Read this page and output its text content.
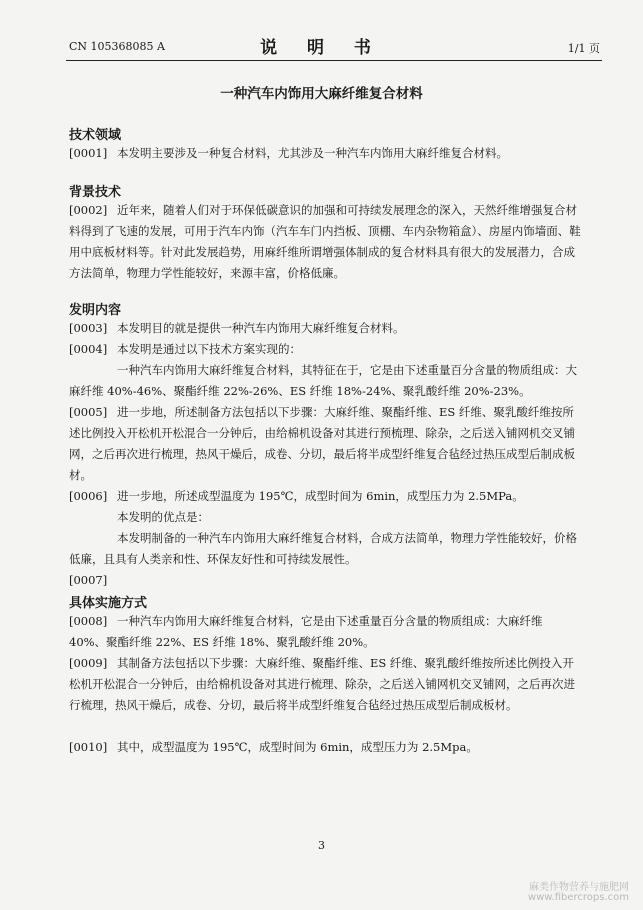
CN 105368085 A	说 明 书	1/1 页
一种汽车内饰用大麻纤维复合材料
技术领域
[0001] 本发明主要涉及一种复合材料，尤其涉及一种汽车内饰用大麻纤维复合材料。
背景技术
[0002] 近年来，随着人们对于环保低碳意识的加强和可持续发展理念的深入，天然纤维增强复合材料得到了飞速的发展，可用于汽车内饰（汽车车门内挡板、顶棚、车内杂物箱盒）、房屋内饰墙面、鞋用中底板材料等。针对此发展趋势，用麻纤维所谓增强体制成的复合材料具有很大的发展潜力，合成方法简单，物理力学性能较好，来源丰富，价格低廉。
发明内容
[0003] 本发明目的就是提供一种汽车内饰用大麻纤维复合材料。
[0004] 本发明是通过以下技术方案实现的：
一种汽车内饰用大麻纤维复合材料，其特征在于，它是由下述重量百分含量的物质组成：大麻纤维 40%-46%、聚酯纤维 22%-26%、ES 纤维 18%-24%、聚乳酸纤维 20%-23%。
[0005] 进一步地，所述制备方法包括以下步骤：大麻纤维、聚酯纤维、ES 纤维、聚乳酸纤维按所述比例投入开松机开松混合一分钟后，由给棉机设备对其进行预梳理、除杂，之后送入铺网机交叉铺网，之后再次进行梳理，热风干燥后，成卷、分切，最后将半成型纤维复合毡经过热压成型后制成板材。
[0006] 进一步地，所述成型温度为 195℃，成型时间为 6min，成型压力为 2.5MPa。
本发明的优点是：
本发明制备的一种汽车内饰用大麻纤维复合材料，合成方法简单，物理力学性能较好，价格低廉，且具有人类亲和性、环保友好性和可持续发展性。
[0007]
具体实施方式
[0008] 一种汽车内饰用大麻纤维复合材料，它是由下述重量百分含量的物质组成：大麻纤维 40%、聚酯纤维 22%、ES 纤维 18%、聚乳酸纤维 20%。
[0009] 其制备方法包括以下步骤：大麻纤维、聚酯纤维、ES 纤维、聚乳酸纤维按所述比例投入开松机开松混合一分钟后，由给棉机设备对其进行梳理、除杂，之后送入铺网机交叉铺网，之后再次进行梳理，热风干燥后，成卷、分切，最后将半成型纤维复合毡经过热压成型后制成板材。
[0010] 其中，成型温度为 195℃，成型时间为 6min，成型压力为 2.5Mpa。
3
麻类作物营养与施肥网
www.fibercrops.com
